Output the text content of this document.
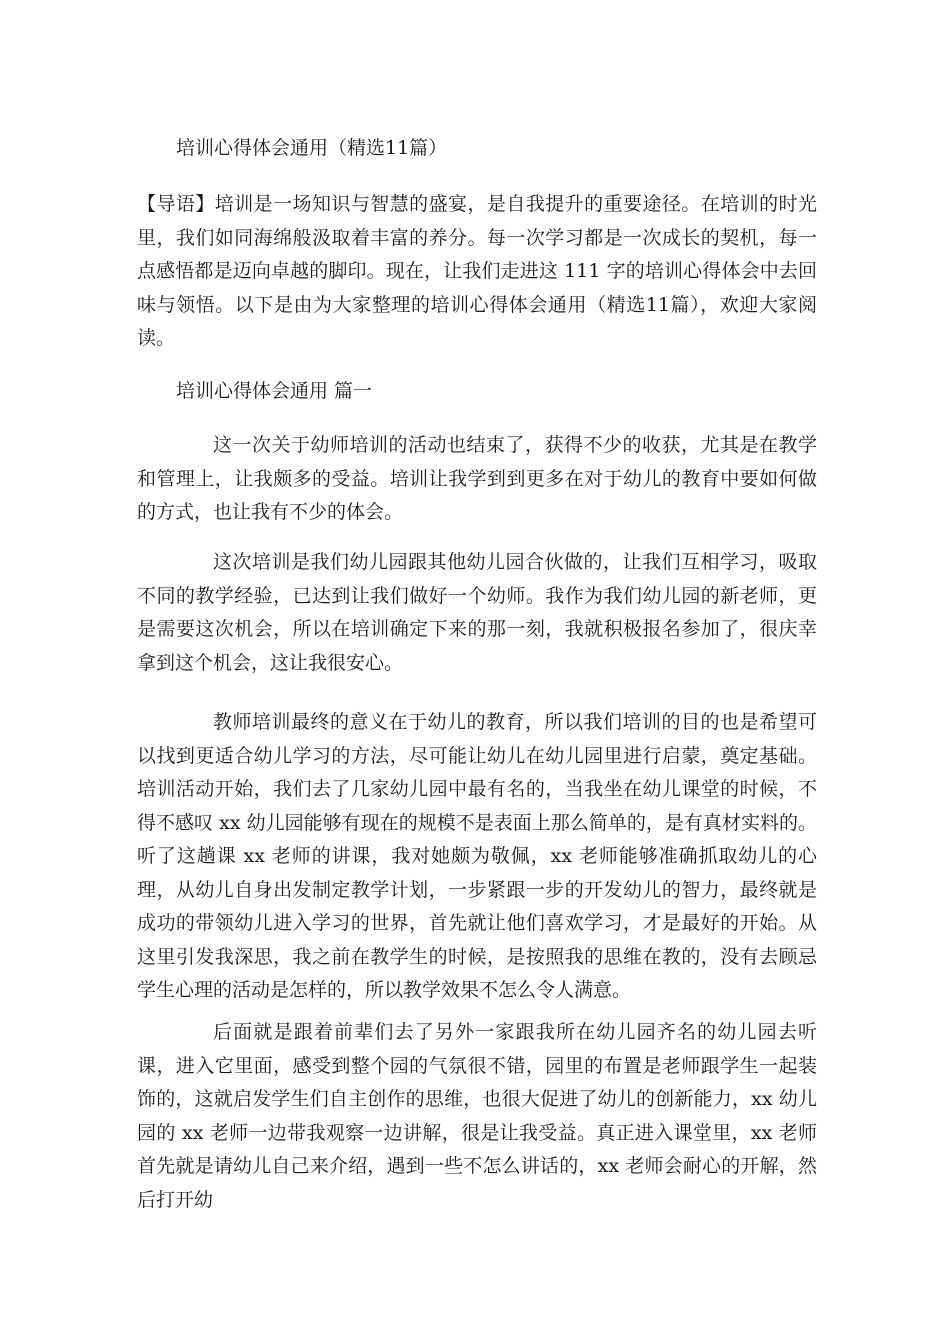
培训心得体会通用（精选11篇）

【导语】培训是一场知识与智慧的盛宴，是自我提升的重要途径。在培训的时光里，我们如同海绵般汲取着丰富的养分。每一次学习都是一次成长的契机，每一点感悟都是迈向卓越的脚印。现在，让我们走进这 111 字的培训心得体会中去回味与领悟。以下是由为大家整理的培训心得体会通用（精选11篇），欢迎大家阅读。

培训心得体会通用 篇一

这一次关于幼师培训的活动也结束了，获得不少的收获，尤其是在教学和管理上，让我颇多的受益。培训让我学到到更多在对于幼儿的教育中要如何做的方式，也让我有不少的体会。

这次培训是我们幼儿园跟其他幼儿园合伙做的，让我们互相学习，吸取不同的教学经验，已达到让我们做好一个幼师。我作为我们幼儿园的新老师，更是需要这次机会，所以在培训确定下来的那一刻，我就积极报名参加了，很庆幸拿到这个机会，这让我很安心。

教师培训最终的意义在于幼儿的教育，所以我们培训的目的也是希望可以找到更适合幼儿学习的方法，尽可能让幼儿在幼儿园里进行启蒙，奠定基础。培训活动开始，我们去了几家幼儿园中最有名的，当我坐在幼儿课堂的时候，不得不感叹 xx 幼儿园能够有现在的规模不是表面上那么简单的，是有真材实料的。听了这趟课 xx 老师的讲课，我对她颇为敬佩，xx 老师能够准确抓取幼儿的心理，从幼儿自身出发制定教学计划，一步紧跟一步的开发幼儿的智力，最终就是成功的带领幼儿进入学习的世界，首先就让他们喜欢学习，才是最好的开始。从这里引发我深思，我之前在教学生的时候，是按照我的思维在教的，没有去顾忌学生心理的活动是怎样的，所以教学效果不怎么令人满意。

后面就是跟着前辈们去了另外一家跟我所在幼儿园齐名的幼儿园去听课，进入它里面，感受到整个园的气氛很不错，园里的布置是老师跟学生一起装饰的，这就启发学生们自主创作的思维，也很大促进了幼儿的创新能力，xx 幼儿园的 xx 老师一边带我观察一边讲解，很是让我受益。真正进入课堂里，xx 老师首先就是请幼儿自己来介绍，遇到一些不怎么讲话的，xx 老师会耐心的开解，然后打开幼
